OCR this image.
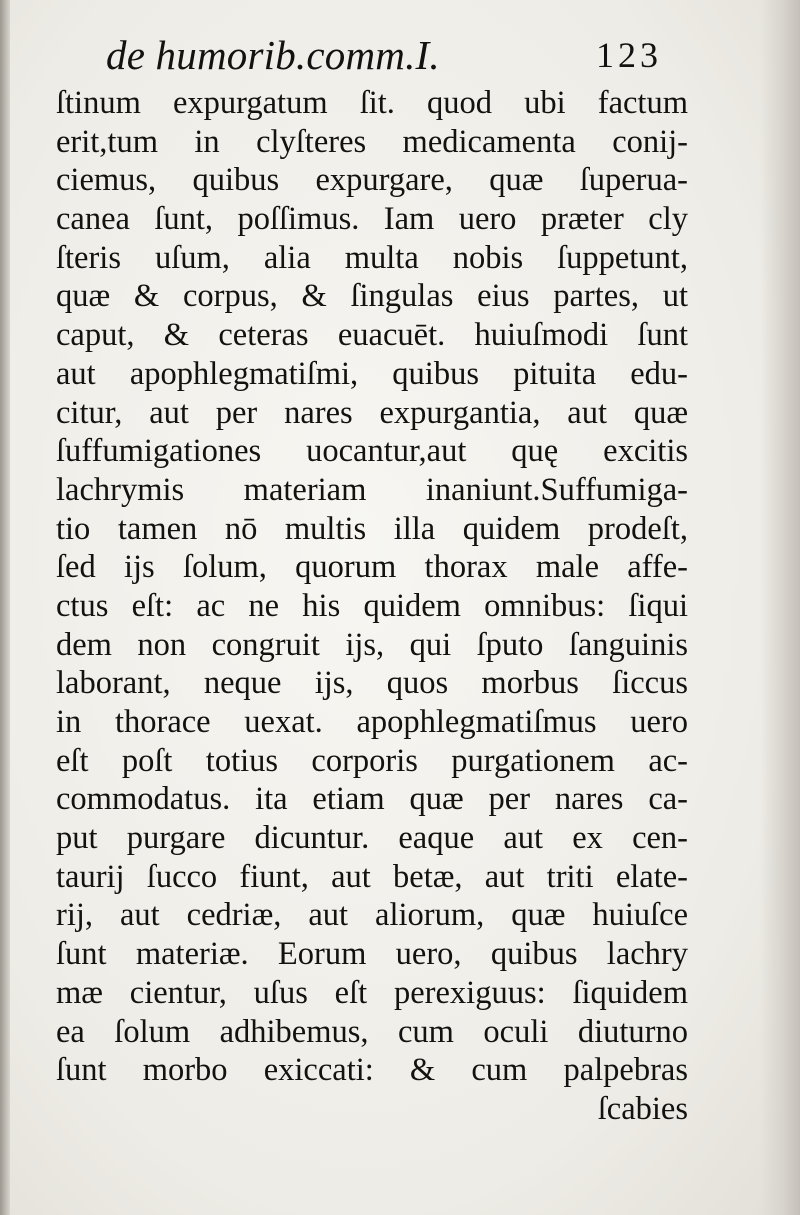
de humorib.comm.I.	123
ſtinum expurgatum ſit. quod ubi factum
erit,tum in clyſteres medicamenta conij-
ciemus, quibus expurgare, quæ ſuperua-
canea ſunt, poſſimus. Iam uero præter cly
ſteris uſum, alia multa nobis ſuppetunt,
quæ & corpus, & ſingulas eius partes, ut
caput, & ceteras euacuēt. huiuſmodi ſunt
aut apophlegmatiſmi, quibus pituita edu-
citur, aut per nares expurgantia, aut quæ
ſuffumigationes uocantur,aut quę excitis
lachrymis materiam inaniunt.Suffumiga-
tio tamen nō multis illa quidem prodeſt,
ſed ijs ſolum, quorum thorax male affe-
ctus eſt: ac ne his quidem omnibus: ſiqui
dem non congruit ijs, qui ſputo ſanguinis
laborant, neque ijs, quos morbus ſiccus
in thorace uexat. apophlegmatiſmus uero
eſt poſt totius corporis purgationem ac-
commodatus. ita etiam quæ per nares ca-
put purgare dicuntur. eaque aut ex cen-
taurij ſucco fiunt, aut betæ, aut triti elate-
rij, aut cedriæ, aut aliorum, quæ huiuſce
ſunt materiæ. Eorum uero, quibus lachry
mæ cientur, uſus eſt perexiguus: ſiquidem
ea ſolum adhibemus, cum oculi diuturno
ſunt morbo exiccati: & cum palpebras
ſcabies
